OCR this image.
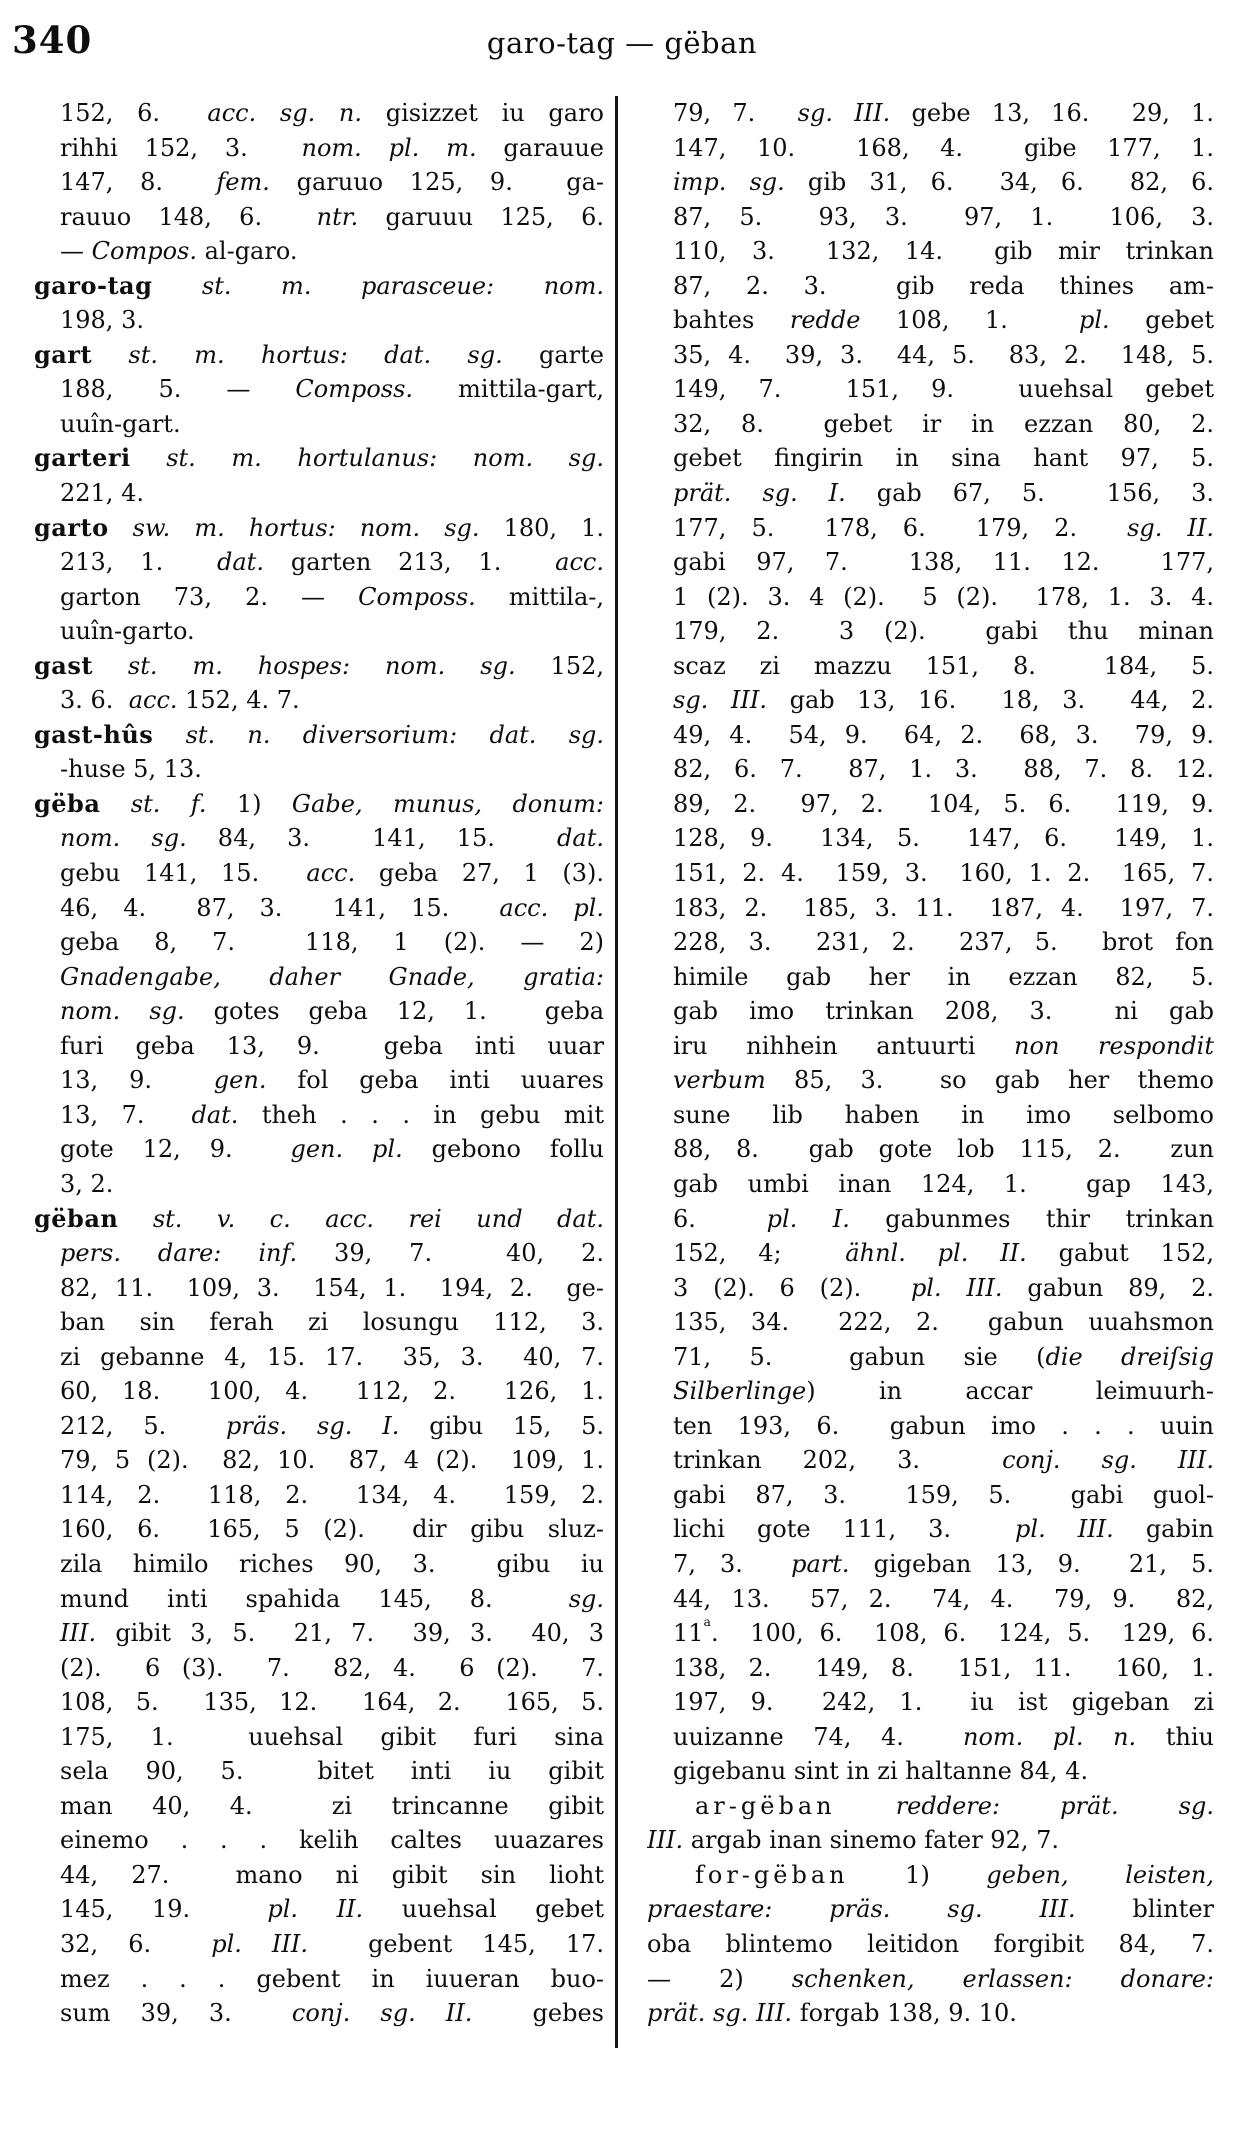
340	garo-tag — gëban
152, 6.  acc. sg. n. gisizzet iu garo
rihhi 152, 3.  nom. pl. m. garauue
147, 8.  fem. garuuo 125, 9.  ga-
rauuo 148, 6.  ntr. garuuu 125, 6.
— Compos. al-garo.
garo-tag st. m. parasceue: nom.
198, 3.
gart st. m. hortus: dat. sg. garte
188, 5. — Composs. mittila-gart,
uuîn-gart.
garteri st. m. hortulanus: nom. sg.
221, 4.
garto sw. m. hortus: nom. sg. 180, 1.
213, 1.  dat. garten 213, 1.  acc.
garton 73, 2. — Composs. mittila-,
uuîn-garto.
gast st. m. hospes: nom. sg. 152,
3. 6.  acc. 152, 4. 7.
gast-hûs st. n. diversorium: dat. sg.
-huse 5, 13.
gëba st. f. 1) Gabe, munus, donum:
nom. sg. 84, 3.  141, 15.  dat.
gebu 141, 15.  acc. geba 27, 1 (3).
46, 4.  87, 3.  141, 15.  acc. pl.
geba 8, 7.  118, 1 (2). — 2)
Gnadengabe, daher Gnade, gratia:
nom. sg. gotes geba 12, 1.  geba
furi geba 13, 9.  geba inti uuar
13, 9.  gen. fol geba inti uuares
13, 7.  dat. theh . . . in gebu mit
gote 12, 9.  gen. pl. gebono follu
3, 2.
gëban st. v. c. acc. rei und dat.
pers. dare: inf. 39, 7.  40, 2.
82, 11.  109, 3.  154, 1.  194, 2.  ge-
ban sin ferah zi losungu 112, 3.
zi gebanne 4, 15. 17.  35, 3.  40, 7.
60, 18.  100, 4.  112, 2.  126, 1.
212, 5.  präs. sg. I. gibu 15, 5.
79, 5 (2).  82, 10.  87, 4 (2).  109, 1.
114, 2.  118, 2.  134, 4.  159, 2.
160, 6.  165, 5 (2).  dir gibu sluz-
zila himilo riches 90, 3.  gibu iu
mund inti spahida 145, 8.  sg.
III. gibit 3, 5.  21, 7.  39, 3.  40, 3
(2).  6 (3).  7.  82, 4.  6 (2).  7.
108, 5.  135, 12.  164, 2.  165, 5.
175, 1.  uuehsal gibit furi sina
sela 90, 5.  bitet inti iu gibit
man 40, 4.  zi trincanne gibit
einemo . . . kelih caltes uuazares
44, 27.  mano ni gibit sin lioht
145, 19.  pl. II. uuehsal gebet
32, 6.  pl. III.  gebent 145, 17.
mez . . . gebent in iuueran buo-
sum 39, 3.  conj. sg. II.  gebes
79, 7.  sg. III. gebe 13, 16.  29, 1.
147, 10.  168, 4.  gibe 177, 1.
imp. sg. gib 31, 6.  34, 6.  82, 6.
87, 5.  93, 3.  97, 1.  106, 3.
110, 3.  132, 14.  gib mir trinkan
87, 2. 3.  gib reda thines am-
bahtes redde 108, 1.  pl. gebet
35, 4.  39, 3.  44, 5.  83, 2.  148, 5.
149, 7.  151, 9.  uuehsal gebet
32, 8.  gebet ir in ezzan 80, 2.
gebet fingirin in sina hant 97, 5.
prät. sg. I. gab 67, 5.  156, 3.
177, 5.  178, 6.  179, 2.  sg. II.
gabi 97, 7.  138, 11. 12.  177,
1 (2). 3. 4 (2).  5 (2).  178, 1. 3. 4.
179, 2.  3 (2).  gabi thu minan
scaz zi mazzu 151, 8.  184, 5.
sg. III. gab 13, 16.  18, 3.  44, 2.
49, 4.  54, 9.  64, 2.  68, 3.  79, 9.
82, 6. 7.  87, 1. 3.  88, 7. 8. 12.
89, 2.  97, 2.  104, 5. 6.  119, 9.
128, 9.  134, 5.  147, 6.  149, 1.
151, 2. 4.  159, 3.  160, 1. 2.  165, 7.
183, 2.  185, 3. 11.  187, 4.  197, 7.
228, 3.  231, 2.  237, 5.  brot fon
himile gab her in ezzan 82, 5.
gab imo trinkan 208, 3.  ni gab
iru nihhein antuurti non respondit
verbum 85, 3.  so gab her themo
sune lib haben in imo selbomo
88, 8.  gab gote lob 115, 2.  zun
gab umbi inan 124, 1.  gap 143,
6.  pl. I. gabunmes thir trinkan
152, 4;  ähnl. pl. II. gabut 152,
3 (2). 6 (2).  pl. III. gabun 89, 2.
135, 34.  222, 2.  gabun uuahsmon
71, 5.  gabun sie (die dreiſsig
Silberlinge) in accar leimuurh-
ten 193, 6.  gabun imo . . . uuin
trinkan 202, 3.  conj. sg. III.
gabi 87, 3.  159, 5.  gabi guol-
lichi gote 111, 3.  pl. III. gabin
7, 3.  part. gigeban 13, 9.  21, 5.
44, 13.  57, 2.  74, 4.  79, 9.  82,
11$^{^a}$.  100, 6.  108, 6.  124, 5.  129, 6.
138, 2.  149, 8.  151, 11.  160, 1.
197, 9.  242, 1.  iu ist gigeban zi
uuizanne 74, 4.  nom. pl. n. thiu
gigebanu sint in zi haltanne 84, 4.
ar-gëban	reddere: prät. sg.
III. argab inan sinemo fater 92, 7.
for-gëban 1) geben, leisten,
praestare: präs. sg. III. blinter
oba blintemo leitidon forgibit 84, 7.
— 2) schenken, erlassen: donare:
prät. sg. III. forgab 138, 9. 10.
